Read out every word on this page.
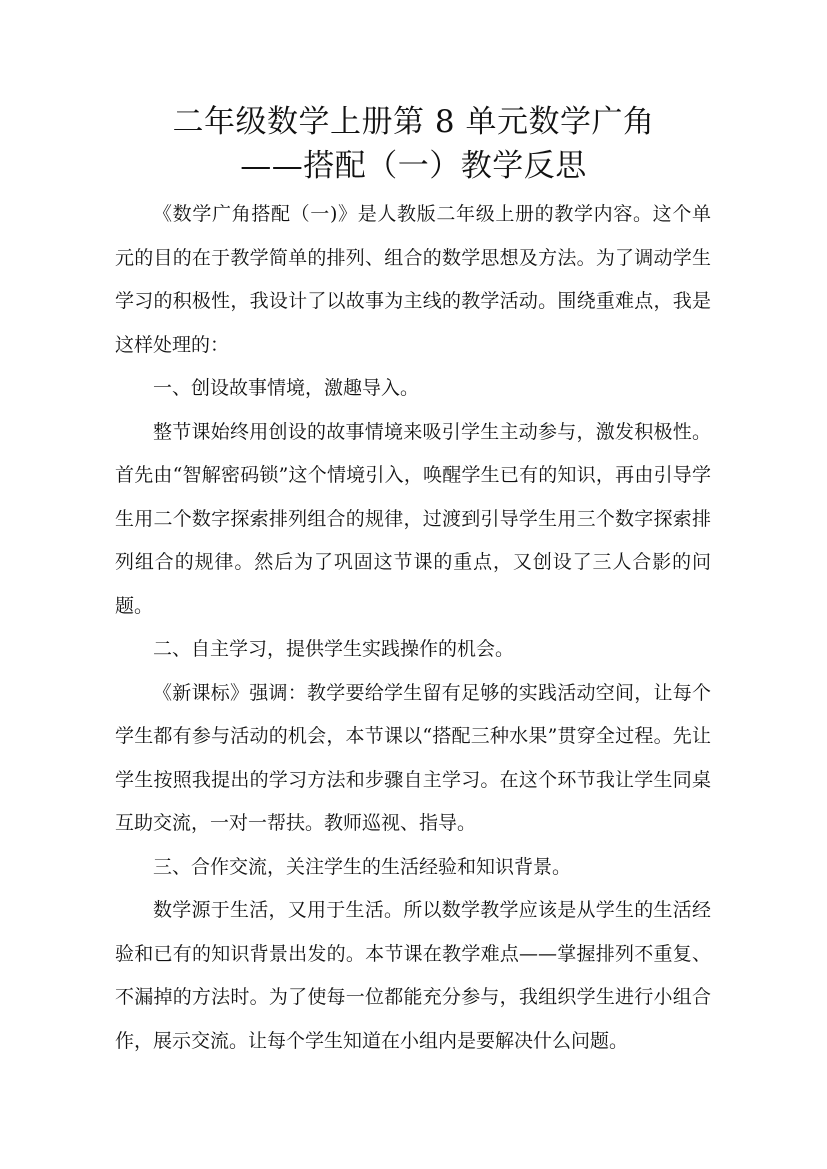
二年级数学上册第 8 单元数学广角
——搭配（一）教学反思

《数学广角搭配（一)》是人教版二年级上册的教学内容。这个单元的目的在于教学简单的排列、组合的数学思想及方法。为了调动学生学习的积极性，我设计了以故事为主线的教学活动。围绕重难点，我是这样处理的：

一、创设故事情境，激趣导入。

整节课始终用创设的故事情境来吸引学生主动参与，激发积极性。首先由“智解密码锁”这个情境引入，唤醒学生已有的知识，再由引导学生用二个数字探索排列组合的规律，过渡到引导学生用三个数字探索排列组合的规律。然后为了巩固这节课的重点，又创设了三人合影的问题。

二、自主学习，提供学生实践操作的机会。

《新课标》强调：教学要给学生留有足够的实践活动空间，让每个学生都有参与活动的机会，本节课以“搭配三种水果”贯穿全过程。先让学生按照我提出的学习方法和步骤自主学习。在这个环节我让学生同桌互助交流，一对一帮扶。教师巡视、指导。

三、合作交流，关注学生的生活经验和知识背景。

数学源于生活，又用于生活。所以数学教学应该是从学生的生活经验和已有的知识背景出发的。本节课在教学难点——掌握排列不重复、不漏掉的方法时。为了使每一位都能充分参与，我组织学生进行小组合作，展示交流。让每个学生知道在小组内是要解决什么问题。
